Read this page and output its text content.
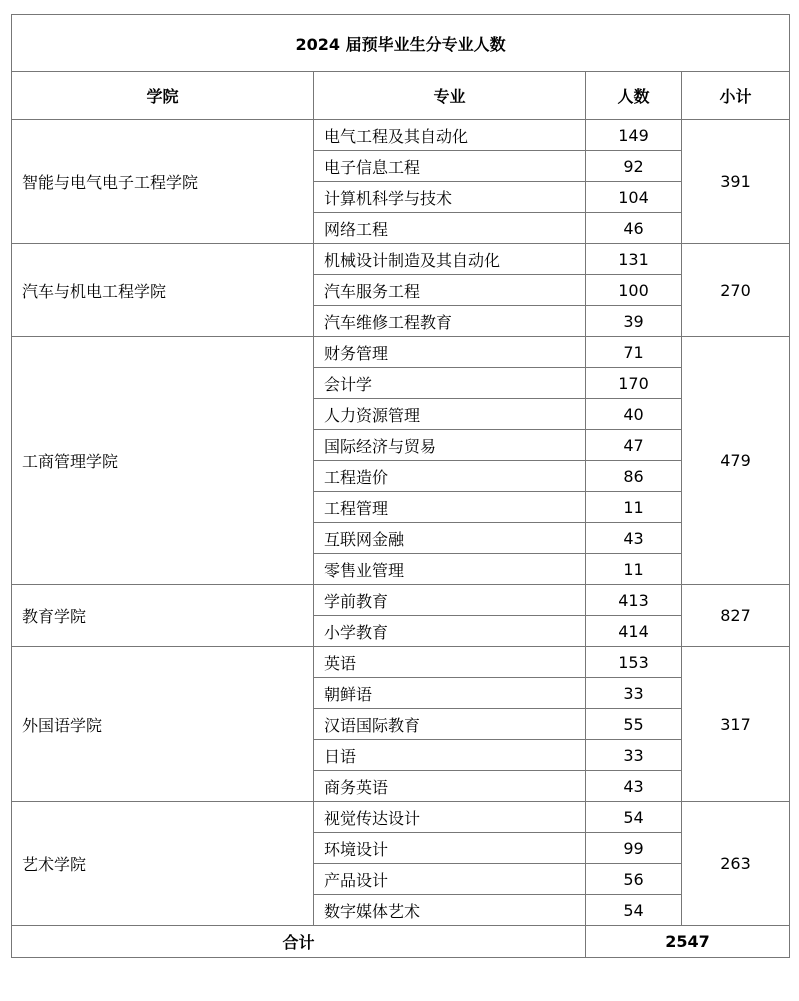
2024 届预毕业生分专业人数			
学院	专业	人数	小计
智能与电气电子工程学院	电气工程及其自动化	149	391
	电子信息工程	92	
	计算机科学与技术	104	
	网络工程	46	
汽车与机电工程学院	机械设计制造及其自动化	131	270
	汽车服务工程	100	
	汽车维修工程教育	39	
工商管理学院	财务管理	71	479
	会计学	170	
	人力资源管理	40	
	国际经济与贸易	47	
	工程造价	86	
	工程管理	11	
	互联网金融	43	
	零售业管理	11	
教育学院	学前教育	413	827
	小学教育	414	
外国语学院	英语	153	317
	朝鲜语	33	
	汉语国际教育	55	
	日语	33	
	商务英语	43	
艺术学院	视觉传达设计	54	263
	环境设计	99	
	产品设计	56	
	数字媒体艺术	54	
合计		2547	
